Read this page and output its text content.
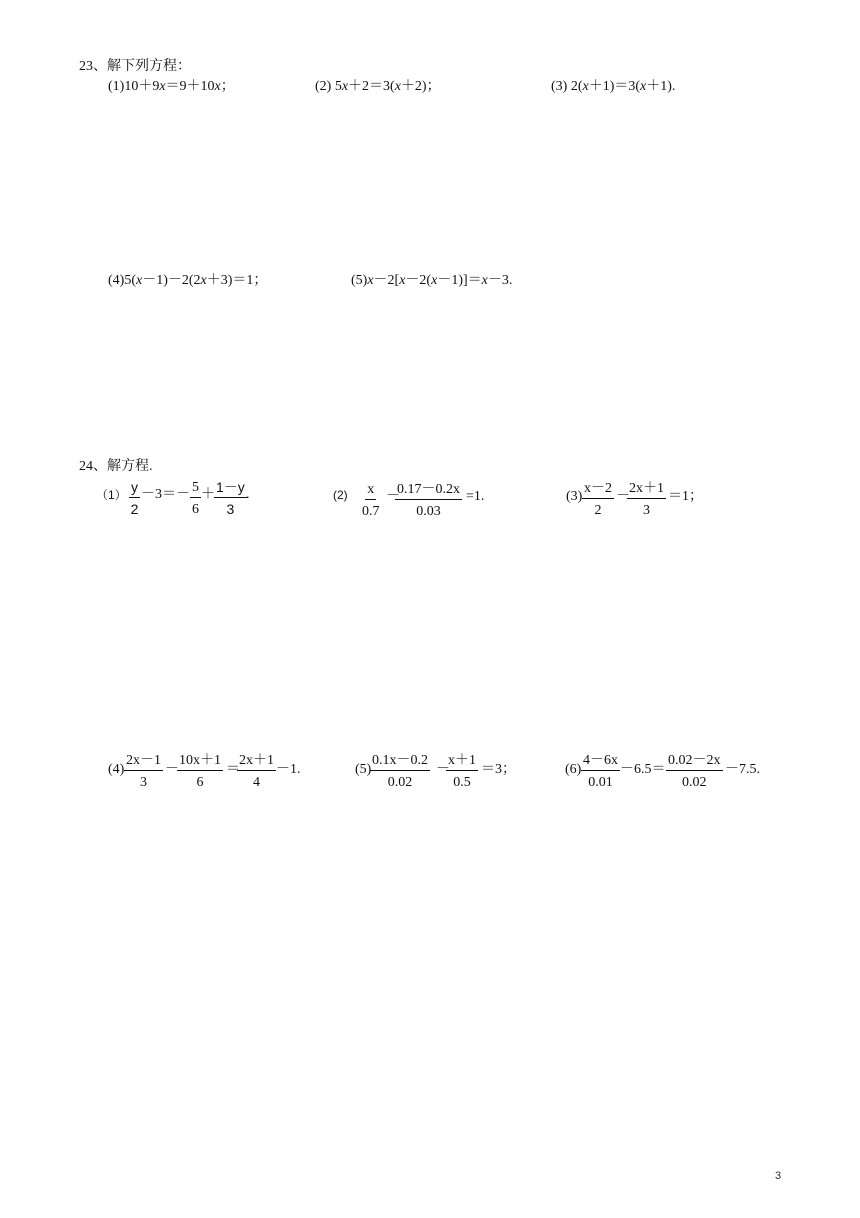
23、解下列方程：
(1)10＋9x＝9＋10x；	(2) 5x＋2＝3(x＋2)；	(3) 2(x＋1)＝3(x＋1).
(4)5(x－1)－2(2x＋3)＝1；	(5)x－2[x－2(x－1)]＝x－3.
24、解方程.
$(1) \frac{y}{2} -3=- \frac{5}{6} + \frac{1-y}{3}$ .	$(2) \frac{x}{0.7}$ －
$\frac{0.17-0.2x}{0.03} =1$.	$(3) \frac{x-2}{2}$ －
$\frac{2x+1}{3} =1$；
$(4) \frac{2x-1}{3}$ －
$\frac{10x+1}{6}$ ＝
$\frac{2x+1}{4} -1$.	(5)
$\frac{0.1x-0.2}{0.02}$ －
$\frac{x+1}{0.5} =3$；	$(6) \frac{4-6x}{0.01} -6.5= \frac{0.02-2x}{0.02} -7.5$.
3
